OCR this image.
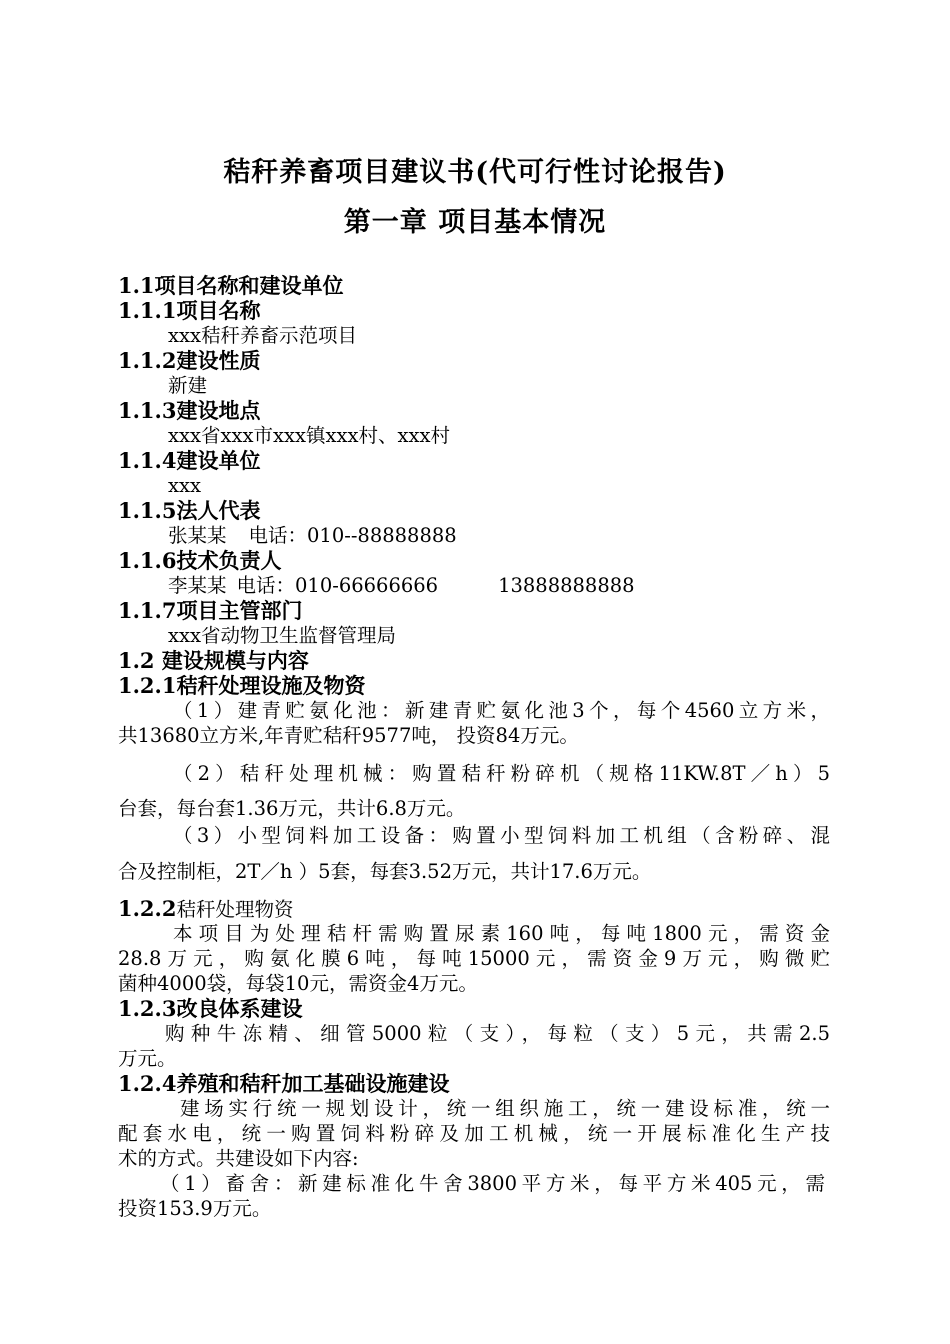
秸秆养畜项目建议书(代可行性讨论报告)
第一章 项目基本情况
1.1项目名称和建设单位
1.1.1项目名称
xxx秸秆养畜示范项目
1.1.2建设性质
新建
1.1.3建设地点
xxx省xxx市xxx镇xxx村、xxx村
1.1.4建设单位
xxx
1.1.5法人代表
张某某 电话：010--88888888
1.1.6技术负责人
李某某 电话：010-66666666	13888888888
1.1.7项目主管部门
xxx省动物卫生监督管理局
1.2 建设规模与内容
1.2.1秸秆处理设施及物资
（1）建青贮氨化池：新建青贮氨化池3个，每个4560立方米，
共13680立方米,年青贮秸秆9577吨， 投资84万元。
（2）秸秆处理机械：购置秸秆粉碎机（规格11KW.8T／h）5
台套，每台套1.36万元，共计6.8万元。
（3）小型饲料加工设备：购置小型饲料加工机组（含粉碎、混
合及控制柜，2T／h ）5套，每套3.52万元，共计17.6万元。
1.2.2秸秆处理物资
本项目为处理秸杆需购置尿素160吨，每吨1800元，需资金
28.8万元，购氨化膜6吨，每吨15000元，需资金9万元，购微贮
菌种4000袋，每袋10元，需资金4万元。
1.2.3改良体系建设
购种牛冻精、细管5000粒（支），每粒（支）5元，共需2.5
万元。
1.2.4养殖和秸秆加工基础设施建设
建场实行统一规划设计，统一组织施工，统一建设标准，统一
配套水电，统一购置饲料粉碎及加工机械，统一开展标准化生产技
术的方式。共建设如下内容:
（1）畜舍：新建标准化牛舍3800平方米，每平方米405元，需
投资153.9万元。
